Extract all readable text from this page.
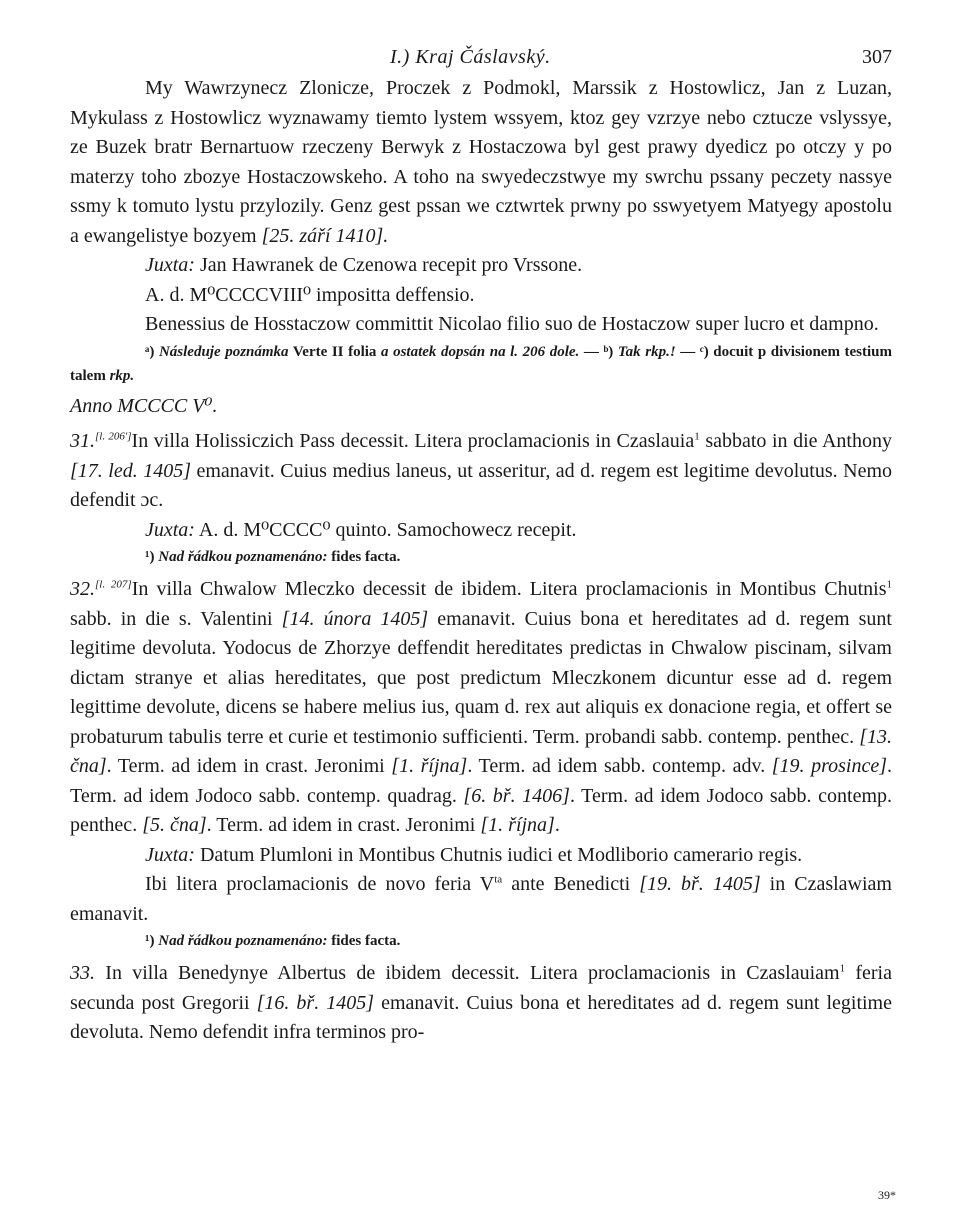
I.) Kraj Čáslavský.	307

My Wawrzynecz Zlonicze, Proczek z Podmokl, Marssik z Hostowlicz, Jan z Luzan, Mykulass z Hostowlicz wyznawamy tiemto lystem wssyem, ktoz gey vzrzye nebo cztucze vslyssye, ze Buzek bratr Bernartuow rzeczeny Berwyk z Hostaczowa byl gest prawy dyedicz po otczy y po materzy toho zbozye Hostaczowskeho. A toho na swyedeczstwye my swrchu pssany peczety nassye ssmy k tomuto lystu przylozily. Genz gest pssan we cztwrtek prwny po sswyetyem Matyegy apostolu a ewangelistye bozyem [25. září 1410].

Juxta: Jan Hawranek de Czenowa recepit pro Vrssone.

A. d. M⁰CCCCVIII⁰ impositta deffensio.

Benessius de Hosstaczow committit Nicolao filio suo de Hostaczow super lucro et dampno.

ᵃ) Následuje poznámka Verte II folia a ostatek dopsán na l. 206 dole. — ᵇ) Tak rkp.! — ᶜ) docuit p divisionem testium talem rkp.

Anno MCCCC V⁰.

31.[l. 206']In villa Holissiczich Pass decessit. Litera proclamacionis in Czaslauia$^1$ sabbato in die Anthony [17. led. 1405] emanavit. Cuius medius laneus, ut asseritur, ad d. regem est legitime devolutus. Nemo defendit ɔc.

Juxta: A. d. M⁰CCCC⁰ quinto. Samochowecz recepit.

¹) Nad řádkou poznamenáno: fides facta.

32.[l. 207]In villa Chwalow Mleczko decessit de ibidem. Litera proclamacionis in Montibus Chutnis$^1$ sabb. in die s. Valentini [14. února 1405] emanavit. Cuius bona et hereditates ad d. regem sunt legitime devoluta. Yodocus de Zhorzye deffendit hereditates predictas in Chwalow piscinam, silvam dictam stranye et alias hereditates, que post predictum Mleczkonem dicuntur esse ad d. regem legittime devolute, dicens se habere melius ius, quam d. rex aut aliquis ex donacione regia, et offert se probaturum tabulis terre et curie et testimonio sufficienti. Term. probandi sabb. contemp. penthec. [13. čna]. Term. ad idem in crast. Jeronimi [1. října]. Term. ad idem sabb. contemp. adv. [19. prosince]. Term. ad idem Jodoco sabb. contemp. quadrag. [6. bř. 1406]. Term. ad idem Jodoco sabb. contemp. penthec. [5. čna]. Term. ad idem in crast. Jeronimi [1. října].

Juxta: Datum Plumloni in Montibus Chutnis iudici et Modliborio camerario regis.

Ibi litera proclamacionis de novo feria $V^{ta}$ ante Benedicti [19. bř. 1405] in Czaslawiam emanavit.

¹) Nad řádkou poznamenáno: fides facta.

33. In villa Benedynye Albertus de ibidem decessit. Litera proclamacionis in Czaslauiam$^1$ feria secunda post Gregorii [16. bř. 1405] emanavit. Cuius bona et hereditates ad d. regem sunt legitime devoluta. Nemo defendit infra terminos pro-

39*
